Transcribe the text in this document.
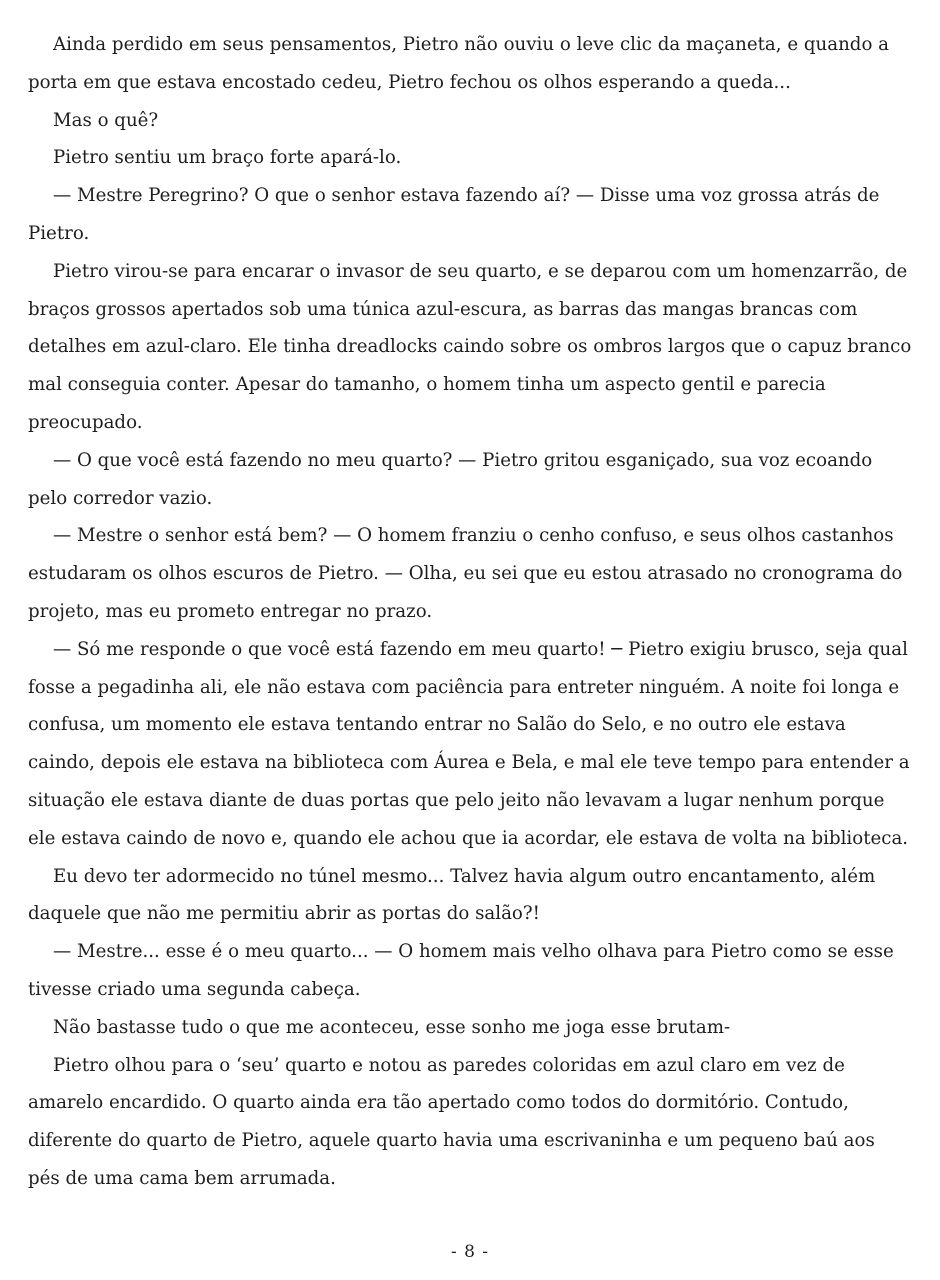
Ainda perdido em seus pensamentos, Pietro não ouviu o leve clic da maçaneta, e quando a porta em que estava encostado cedeu, Pietro fechou os olhos esperando a queda...

Mas o quê?

Pietro sentiu um braço forte apará-lo.

— Mestre Peregrino? O que o senhor estava fazendo aí? — Disse uma voz grossa atrás de Pietro.

Pietro virou-se para encarar o invasor de seu quarto, e se deparou com um homenzarrão, de braços grossos apertados sob uma túnica azul-escura, as barras das mangas brancas com detalhes em azul-claro. Ele tinha dreadlocks caindo sobre os ombros largos que o capuz branco mal conseguia conter. Apesar do tamanho, o homem tinha um aspecto gentil e parecia preocupado.

— O que você está fazendo no meu quarto? — Pietro gritou esganiçado, sua voz ecoando pelo corredor vazio.

— Mestre o senhor está bem? — O homem franziu o cenho confuso, e seus olhos castanhos estudaram os olhos escuros de Pietro. — Olha, eu sei que eu estou atrasado no cronograma do projeto, mas eu prometo entregar no prazo.

— Só me responde o que você está fazendo em meu quarto! ─ Pietro exigiu brusco, seja qual fosse a pegadinha ali, ele não estava com paciência para entreter ninguém. A noite foi longa e confusa, um momento ele estava tentando entrar no Salão do Selo, e no outro ele estava caindo, depois ele estava na biblioteca com Áurea e Bela, e mal ele teve tempo para entender a situação ele estava diante de duas portas que pelo jeito não levavam a lugar nenhum porque ele estava caindo de novo e, quando ele achou que ia acordar, ele estava de volta na biblioteca.

Eu devo ter adormecido no túnel mesmo... Talvez havia algum outro encantamento, além daquele que não me permitiu abrir as portas do salão?!

— Mestre... esse é o meu quarto... — O homem mais velho olhava para Pietro como se esse tivesse criado uma segunda cabeça.

Não bastasse tudo o que me aconteceu, esse sonho me joga esse brutam-

Pietro olhou para o ‘seu’ quarto e notou as paredes coloridas em azul claro em vez de amarelo encardido. O quarto ainda era tão apertado como todos do dormitório. Contudo, diferente do quarto de Pietro, aquele quarto havia uma escrivaninha e um pequeno baú aos pés de uma cama bem arrumada.

- 8 -
